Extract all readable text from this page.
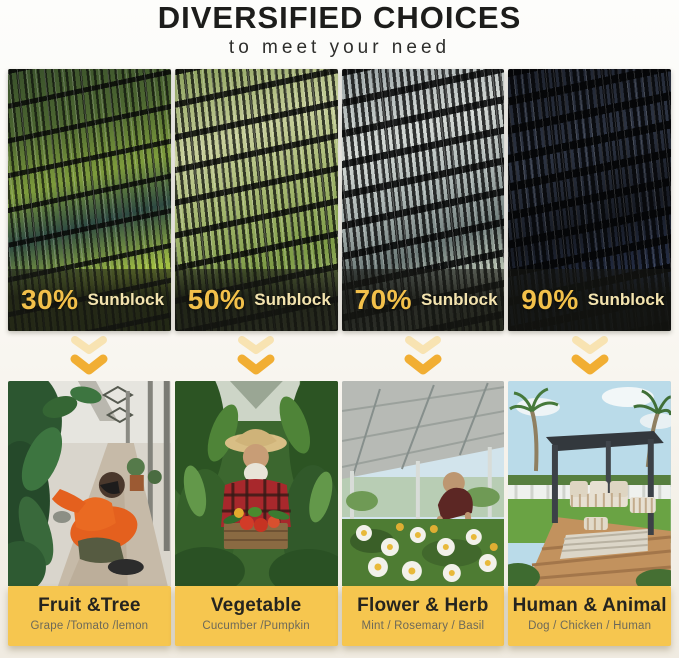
DIVERSIFIED CHOICES
to meet your need
30% Sunblock 50% Sunblock 70% Sunblock 90% Sunblock
Fruit &Tree
Grape /Tomato /lemon
Vegetable
Cucumber /Pumpkin
Flower & Herb
Mint / Rosemary / Basil
Human & Animal
Dog / Chicken / Human
